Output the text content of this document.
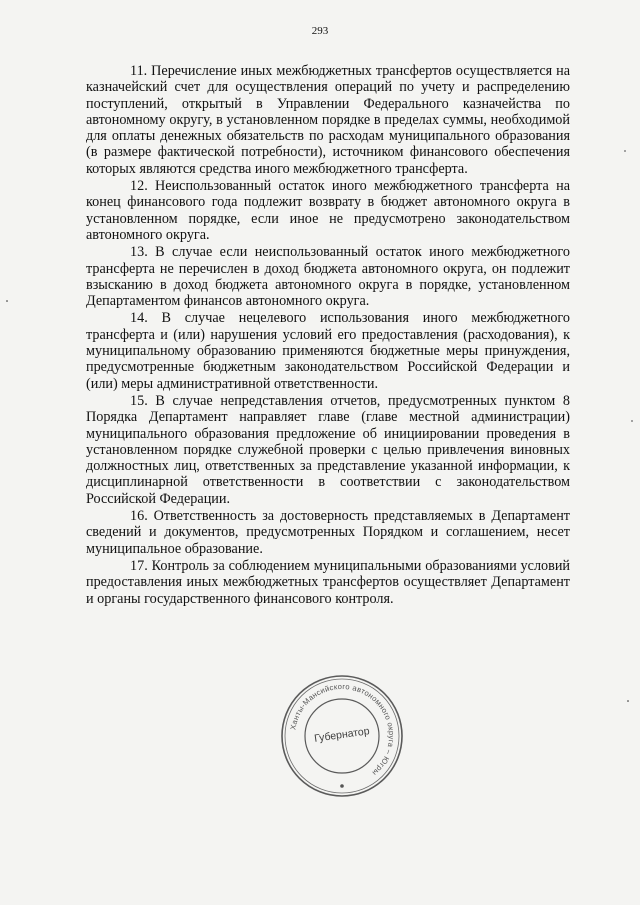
293

11. Перечисление иных межбюджетных трансфертов осуществляется на казначейский счет для осуществления операций по учету и распределению поступлений, открытый в Управлении Федерального казначейства по автономному округу, в установленном порядке в пределах суммы, необходимой для оплаты денежных обязательств по расходам муниципального образования (в размере фактической потребности), источником финансового обеспечения которых являются средства иного межбюджетного трансферта.

12. Неиспользованный остаток иного межбюджетного трансферта на конец финансового года подлежит возврату в бюджет автономного округа в установленном порядке, если иное не предусмотрено законодательством автономного округа.

13. В случае если неиспользованный остаток иного межбюджетного трансферта не перечислен в доход бюджета автономного округа, он подлежит взысканию в доход бюджета автономного округа в порядке, установленном Департаментом финансов автономного округа.

14. В случае нецелевого использования иного межбюджетного трансферта и (или) нарушения условий его предоставления (расходования), к муниципальному образованию применяются бюджетные меры принуждения, предусмотренные бюджетным законодательством Российской Федерации и (или) меры административной ответственности.

15. В случае непредставления отчетов, предусмотренных пунктом 8 Порядка Департамент направляет главе (главе местной администрации) муниципального образования предложение об инициировании проведения в установленном порядке служебной проверки с целью привлечения виновных должностных лиц, ответственных за представление указанной информации, к дисциплинарной ответственности в соответствии с законодательством Российской Федерации.

16. Ответственность за достоверность представляемых в Департамент сведений и документов, предусмотренных Порядком и соглашением, несет муниципальное образование.

17. Контроль за соблюдением муниципальными образованиями условий предоставления иных межбюджетных трансфертов осуществляет Департамент и органы государственного финансового контроля.

Ханты-Мансийского автономного округа – Югры
Губернатор
